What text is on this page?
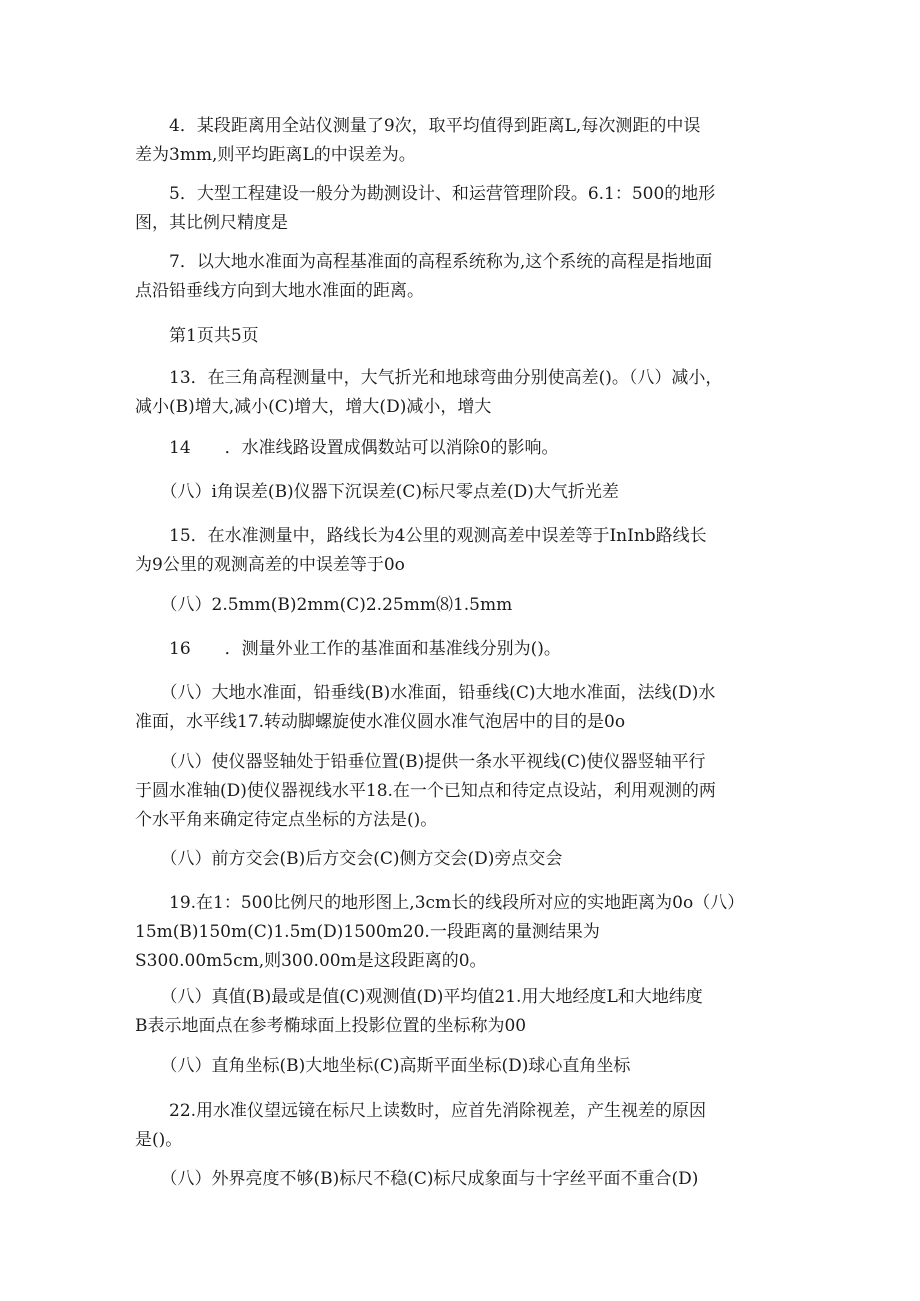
　　4．某段距离用全站仪测量了9次，取平均值得到距离L,每次测距的中误
差为3mm,则平均距离L的中误差为。

　　5．大型工程建设一般分为勘测设计、和运营管理阶段。6.1：500的地形
图，其比例尺精度是

　　7．以大地水准面为高程基准面的高程系统称为,这个系统的高程是指地面
点沿铅垂线方向到大地水准面的距离。

　　第1页共5页

　　13．在三角高程测量中，大气折光和地球弯曲分别使高差()。（八）减小，
减小(B)增大,减小(C)增大，增大(D)减小，增大

　　14　　．水准线路设置成偶数站可以消除0的影响。

　　（八）i角误差(B)仪器下沉误差(C)标尺零点差(D)大气折光差

　　15．在水准测量中，路线长为4公里的观测高差中误差等于InInb路线长
为9公里的观测高差的中误差等于0o

　　（八）2.5mm(B)2mm(C)2.25mm⑻1.5mm

　　16　　．测量外业工作的基准面和基准线分别为()。

　　（八）大地水准面，铅垂线(B)水准面，铅垂线(C)大地水准面，法线(D)水
准面，水平线17.转动脚螺旋使水准仪圆水准气泡居中的目的是0o

　　（八）使仪器竖轴处于铅垂位置(B)提供一条水平视线(C)使仪器竖轴平行
于圆水准轴(D)使仪器视线水平18.在一个已知点和待定点设站，利用观测的两
个水平角来确定待定点坐标的方法是()。

　　（八）前方交会(B)后方交会(C)侧方交会(D)旁点交会

　　19.在1：500比例尺的地形图上,3cm长的线段所对应的实地距离为0o（八）
15m(B)150m(C)1.5m(D)1500m20.一段距离的量测结果为
S300.00m5cm,则300.00m是这段距离的0。

　　（八）真值(B)最或是值(C)观测值(D)平均值21.用大地经度L和大地纬度
B表示地面点在参考椭球面上投影位置的坐标称为00

　　（八）直角坐标(B)大地坐标(C)高斯平面坐标(D)球心直角坐标

　　22.用水准仪望远镜在标尺上读数时，应首先消除视差，产生视差的原因
是()。

　　（八）外界亮度不够(B)标尺不稳(C)标尺成象面与十字丝平面不重合(D)
